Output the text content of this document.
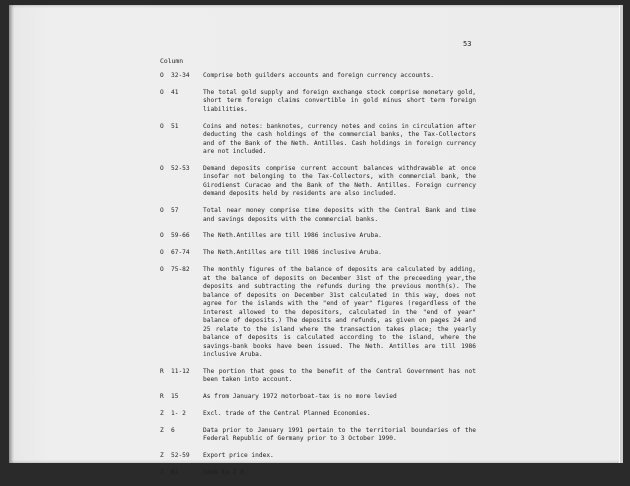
53
Column
O	32-34	Comprise both guilders accounts and foreign currency accounts.
O	41	The total gold supply and foreign exchange stock comprise monetary gold, short term foreign claims convertible in gold minus short term foreign liabilities.
O	51	Coins and notes: banknotes, currency notes and coins in circulation after deducting the cash holdings of the commercial banks, the Tax-Collectors and of the Bank of the Neth. Antilles. Cash holdings in foreign currency are not included.
O	52-53	Demand deposits comprise current account balances withdrawable at once insofar not belonging to the Tax-Collectors, with commercial bank, the Girodienst Curacao and the Bank of the Neth. Antilles. Foreign currency demand deposits held by residents are also included.
O	57	Total near money comprise time deposits with the Central Bank and time and savings deposits with the commercial banks.
O	59-66	The Neth.Antilles are till 1986 inclusive Aruba.
O	67-74	The Neth.Antilles are till 1986 inclusive Aruba.
O	75-82	The monthly figures of the balance of deposits are calculated by adding, at the balance of deposits on December 31st of the preceeding year,the deposits and subtracting the refunds during the previous month(s). The balance of deposits on December 31st calculated in this way, does not agree for the islands with the "end of year" figures (regardless of the interest allowed to the depositors, calculated in the "end of year" balance of deposits.) The deposits and refunds, as given on pages 24 and 25 relate to the island where the transaction takes place; the yearly balance of deposits is calculated according to the island, where the savings-bank books have been issued. The Neth. Antilles are till 1986 inclusive Aruba.
R	11-12	The portion that goes to the benefit of the Central Government has not been taken into account.
R	15	As from January 1972 motorboat-tax is no more levied
Z	1- 2	Excl. trade of the Central Planned Economies.
Z	6	Data prior to January 1991 pertain to the territorial boundaries of the Federal Republic of Germany prior to 3 October 1990.
Z	52-59	Export price index.
Z	61	Idem to Z 6.
